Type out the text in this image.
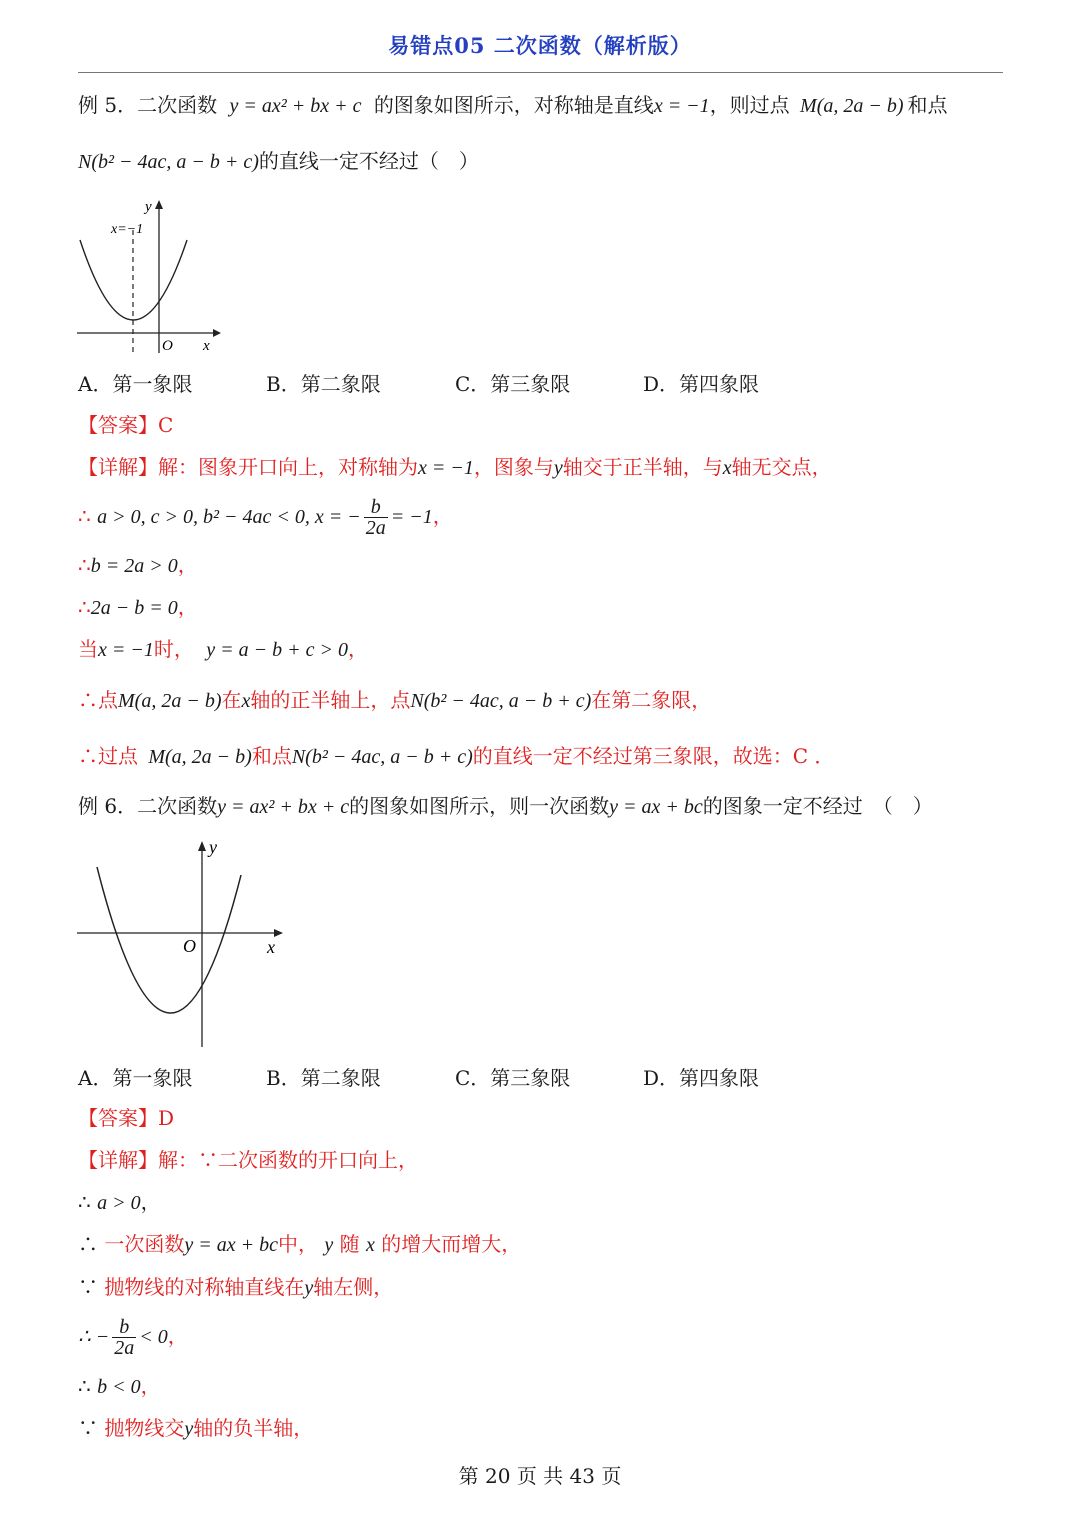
易错点05 二次函数（解析版）
例 5．二次函数 y = ax² + bx + c 的图象如图所示，对称轴是直线x = −1，则过点 M(a, 2a − b) 和点
N(b² − 4ac, a − b + c)的直线一定不经过（　）
x=−1
y
x
O
A．第一象限	B．第二象限	C．第三象限	D．第四象限
【答案】C
【详解】解：图象开口向上，对称轴为x = −1，图象与y轴交于正半轴，与x轴无交点，
∴ a > 0, c > 0, b² − 4ac < 0, x = − $\frac{b}{2a} = -1$，
∴b = 2a > 0，
∴2a − b = 0，
当x = −1时， y = a − b + c > 0，
∴点M(a, 2a − b)在x轴的正半轴上，点N(b² − 4ac, a − b + c)在第二象限，
∴过点 M(a, 2a − b)和点N(b² − 4ac, a − b + c)的直线一定不经过第三象限，故选：C ．
例 6．二次函数y = ax² + bx + c的图象如图所示，则一次函数y = ax + bc的图象一定不经过　（　）
y
x
O
A．第一象限	B．第二象限	C．第三象限	D．第四象限
【答案】D
【详解】解：∵二次函数的开口向上，
∴ a > 0，
∴ 一次函数y = ax + bc中， y 随 x 的增大而增大，
∵ 抛物线的对称轴直线在y轴左侧，
∴ − $\frac{b}{2a} < 0$，
∴ b < 0，
∵ 抛物线交y轴的负半轴，
第 20 页 共 43 页
